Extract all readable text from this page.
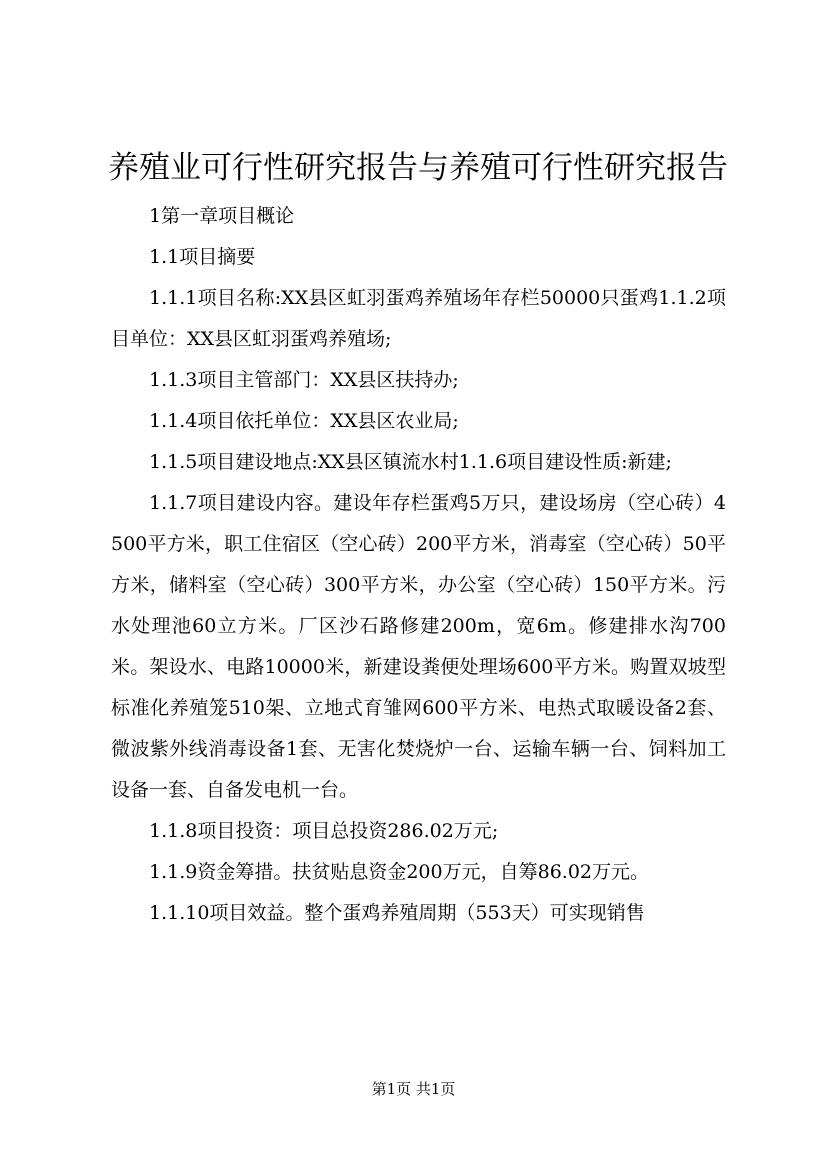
养殖业可行性研究报告与养殖可行性研究报告

1第一章项目概论

1.1项目摘要

1.1.1项目名称:XX县区虹羽蛋鸡养殖场年存栏50000只蛋鸡1.1.2项目单位：XX县区虹羽蛋鸡养殖场;

1.1.3项目主管部门：XX县区扶持办;

1.1.4项目依托单位：XX县区农业局;

1.1.5项目建设地点:XX县区镇流水村1.1.6项目建设性质:新建;

1.1.7项目建设内容。建设年存栏蛋鸡5万只，建设场房（空心砖）4500平方米，职工住宿区（空心砖）200平方米，消毒室（空心砖）50平方米，储料室（空心砖）300平方米，办公室（空心砖）150平方米。污水处理池60立方米。厂区沙石路修建200m，宽6m。修建排水沟700米。架设水、电路10000米，新建设粪便处理场600平方米。购置双坡型标准化养殖笼510架、立地式育雏网600平方米、电热式取暖设备2套、微波紫外线消毒设备1套、无害化焚烧炉一台、运输车辆一台、饲料加工设备一套、自备发电机一台。

1.1.8项目投资：项目总投资286.02万元;

1.1.9资金筹措。扶贫贴息资金200万元，自筹86.02万元。

1.1.10项目效益。整个蛋鸡养殖周期（553天）可实现销售

第1页 共1页
